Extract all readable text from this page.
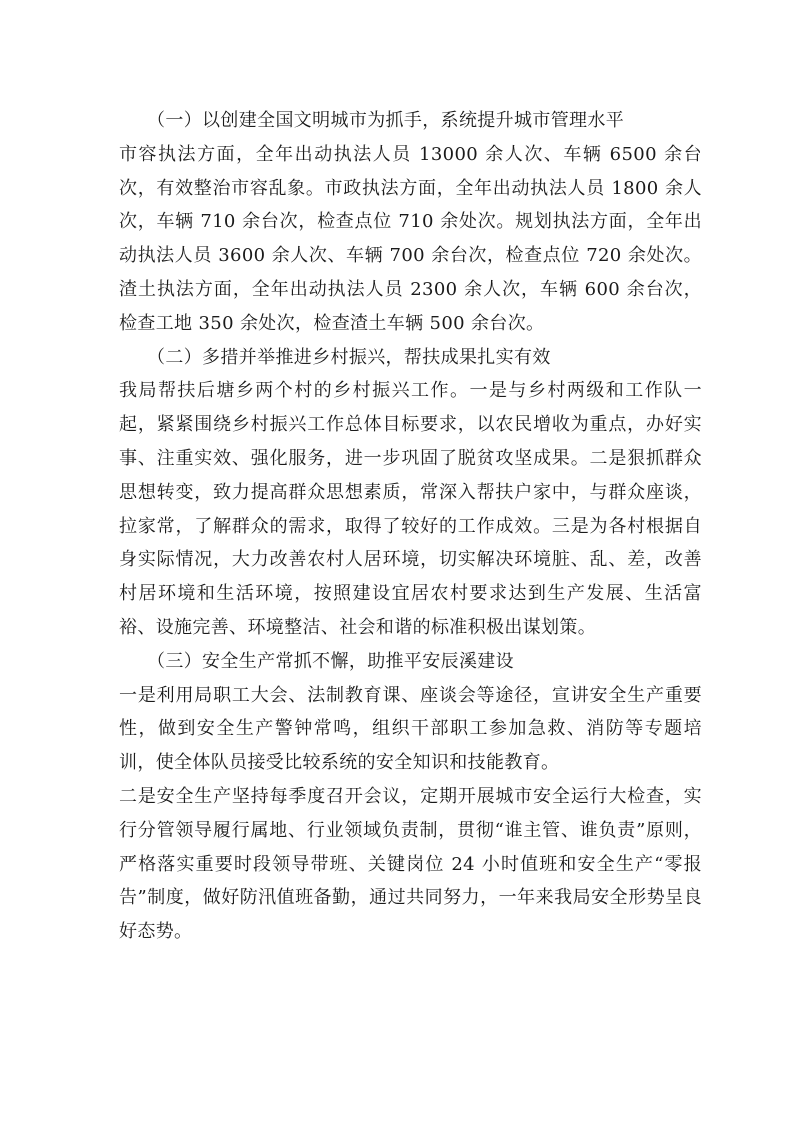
（一）以创建全国文明城市为抓手，系统提升城市管理水平

市容执法方面，全年出动执法人员 13000 余人次、车辆 6500 余台次，有效整治市容乱象。市政执法方面，全年出动执法人员 1800 余人次，车辆 710 余台次，检查点位 710 余处次。规划执法方面，全年出动执法人员 3600 余人次、车辆 700 余台次，检查点位 720 余处次。渣土执法方面，全年出动执法人员 2300 余人次，车辆 600 余台次，检查工地 350 余处次，检查渣土车辆 500 余台次。

（二）多措并举推进乡村振兴，帮扶成果扎实有效

我局帮扶后塘乡两个村的乡村振兴工作。一是与乡村两级和工作队一起，紧紧围绕乡村振兴工作总体目标要求，以农民增收为重点，办好实事、注重实效、强化服务，进一步巩固了脱贫攻坚成果。二是狠抓群众思想转变，致力提高群众思想素质，常深入帮扶户家中，与群众座谈，拉家常，了解群众的需求，取得了较好的工作成效。三是为各村根据自身实际情况，大力改善农村人居环境，切实解决环境脏、乱、差，改善村居环境和生活环境，按照建设宜居农村要求达到生产发展、生活富裕、设施完善、环境整洁、社会和谐的标准积极出谋划策。

（三）安全生产常抓不懈，助推平安辰溪建设

一是利用局职工大会、法制教育课、座谈会等途径，宣讲安全生产重要性，做到安全生产警钟常鸣，组织干部职工参加急救、消防等专题培训，使全体队员接受比较系统的安全知识和技能教育。

二是安全生产坚持每季度召开会议，定期开展城市安全运行大检查，实行分管领导履行属地、行业领域负责制，贯彻“谁主管、谁负责”原则，严格落实重要时段领导带班、关键岗位 24 小时值班和安全生产“零报告”制度，做好防汛值班备勤，通过共同努力，一年来我局安全形势呈良好态势。
